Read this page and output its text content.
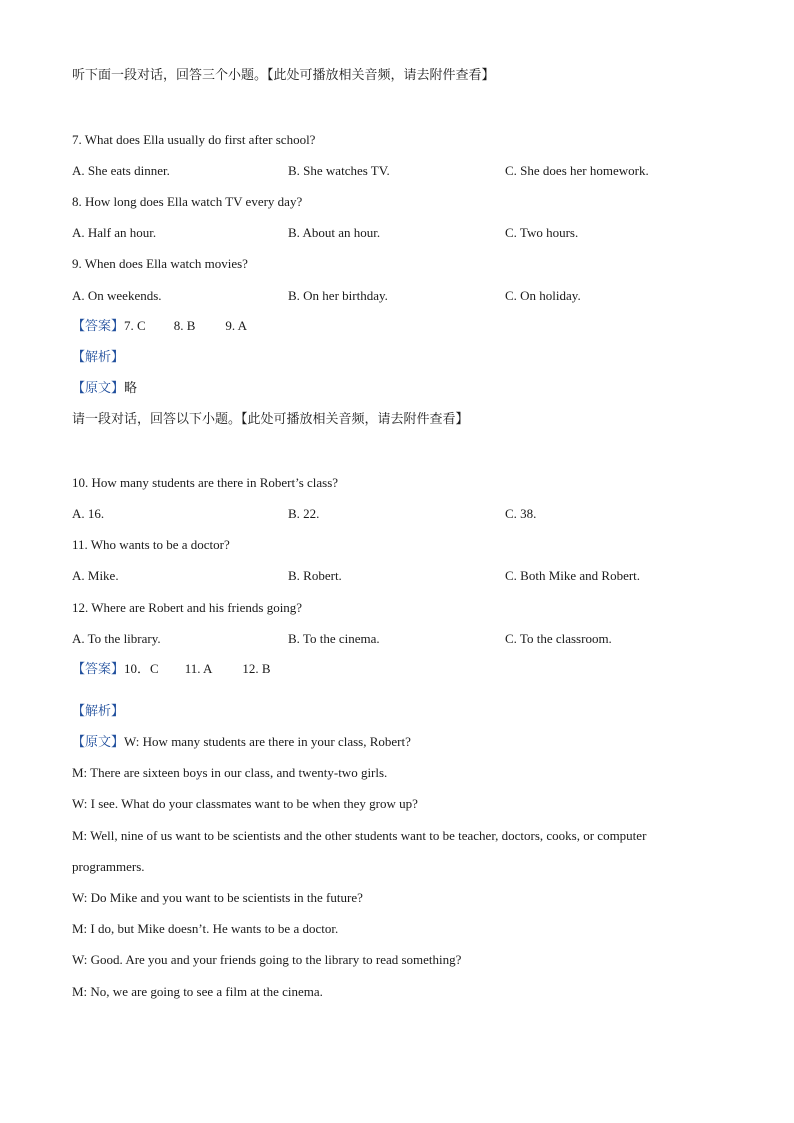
听下面一段对话，回答三个小题。【此处可播放相关音频，请去附件查看】
7. What does Ella usually do first after school?
A. She eats dinner.	B. She watches TV.	C. She does her homework.
8. How long does Ella watch TV every day?
A. Half an hour.	B. About an hour.	C. Two hours.
9. When does Ella watch movies?
A. On weekends.	B. On her birthday.	C. On holiday.
【答案】7. C 8. B 9. A
【解析】
【原文】略
请一段对话，回答以下小题。【此处可播放相关音频，请去附件查看】
10. How many students are there in Robert’s class?
A. 16.	B. 22.	C. 38.
11. Who wants to be a doctor?
A. Mike.	B. Robert.	C. Both Mike and Robert.
12. Where are Robert and his friends going?
A. To the library.	B. To the cinema.	C. To the classroom.
【答案】10．C 11. A 12. B
【解析】
【原文】W: How many students are there in your class, Robert?
M: There are sixteen boys in our class, and twenty-two girls.
W: I see. What do your classmates want to be when they grow up?
M: Well, nine of us want to be scientists and the other students want to be teacher, doctors, cooks, or computer
programmers.
W: Do Mike and you want to be scientists in the future?
M: I do, but Mike doesn’t. He wants to be a doctor.
W: Good. Are you and your friends going to the library to read something?
M: No, we are going to see a film at the cinema.
